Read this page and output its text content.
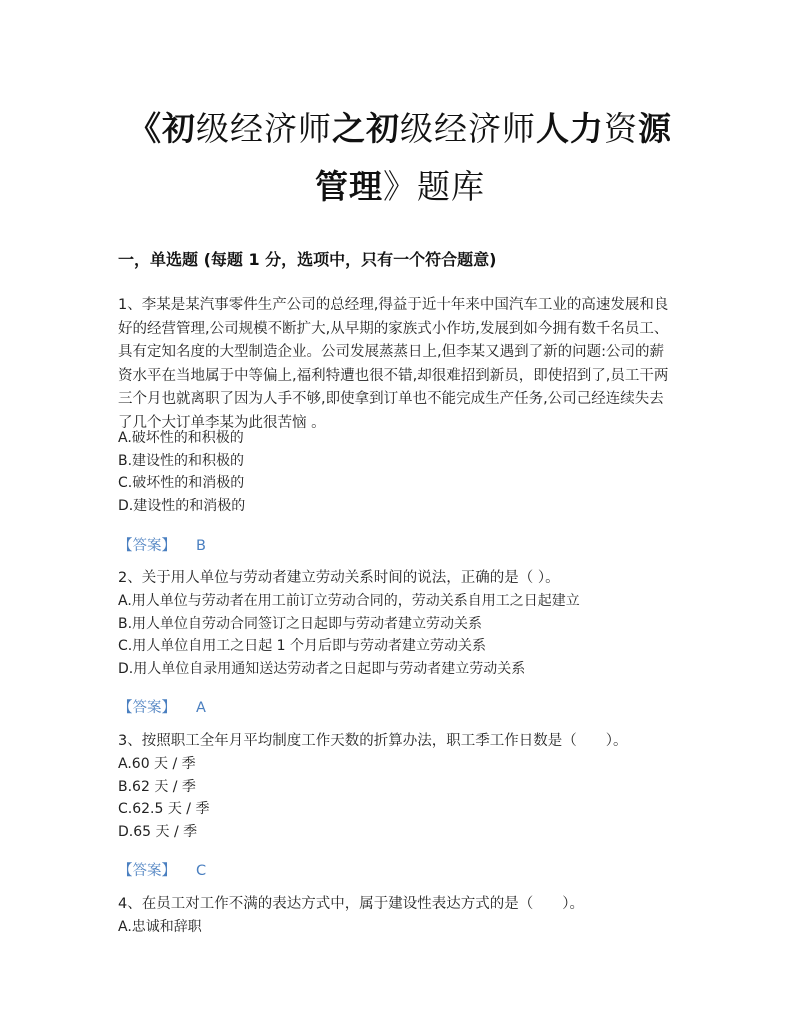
《初级经济师之初级经济师人力资源
管理》题库
一，单选题 (每题 1 分，选项中，只有一个符合题意)
1、李某是某汽事零件生产公司的总经理,得益于近十年来中国汽车工业的高速发展和良好的经营管理,公司规模不断扩大,从早期的家族式小作坊,发展到如今拥有数千名员工、具有定知名度的大型制造企业。公司发展蒸蒸日上,但李某又遇到了新的问题:公司的薪资水平在当地属于中等偏上,福利特遭也很不错,却很难招到新员，即使招到了,员工干两三个月也就离职了因为人手不够,即使拿到订单也不能完成生产任务,公司己经连续失去了几个大订单李某为此很苦恼 。
A.破坏性的和积极的
B.建设性的和积极的
C.破坏性的和消极的
D.建设性的和消极的
【答案】 B
2、关于用人单位与劳动者建立劳动关系时间的说法，正确的是（ ）。
A.用人单位与劳动者在用工前订立劳动合同的，劳动关系自用工之日起建立
B.用人单位自劳动合同签订之日起即与劳动者建立劳动关系
C.用人单位自用工之日起 1 个月后即与劳动者建立劳动关系
D.用人单位自录用通知送达劳动者之日起即与劳动者建立劳动关系
【答案】 A
3、按照职工全年月平均制度工作天数的折算办法，职工季工作日数是（　　）。
A.60 天 / 季
B.62 天 / 季
C.62.5 天 / 季
D.65 天 / 季
【答案】 C
4、在员工对工作不满的表达方式中，属于建设性表达方式的是（　　）。
A.忠诚和辞职
